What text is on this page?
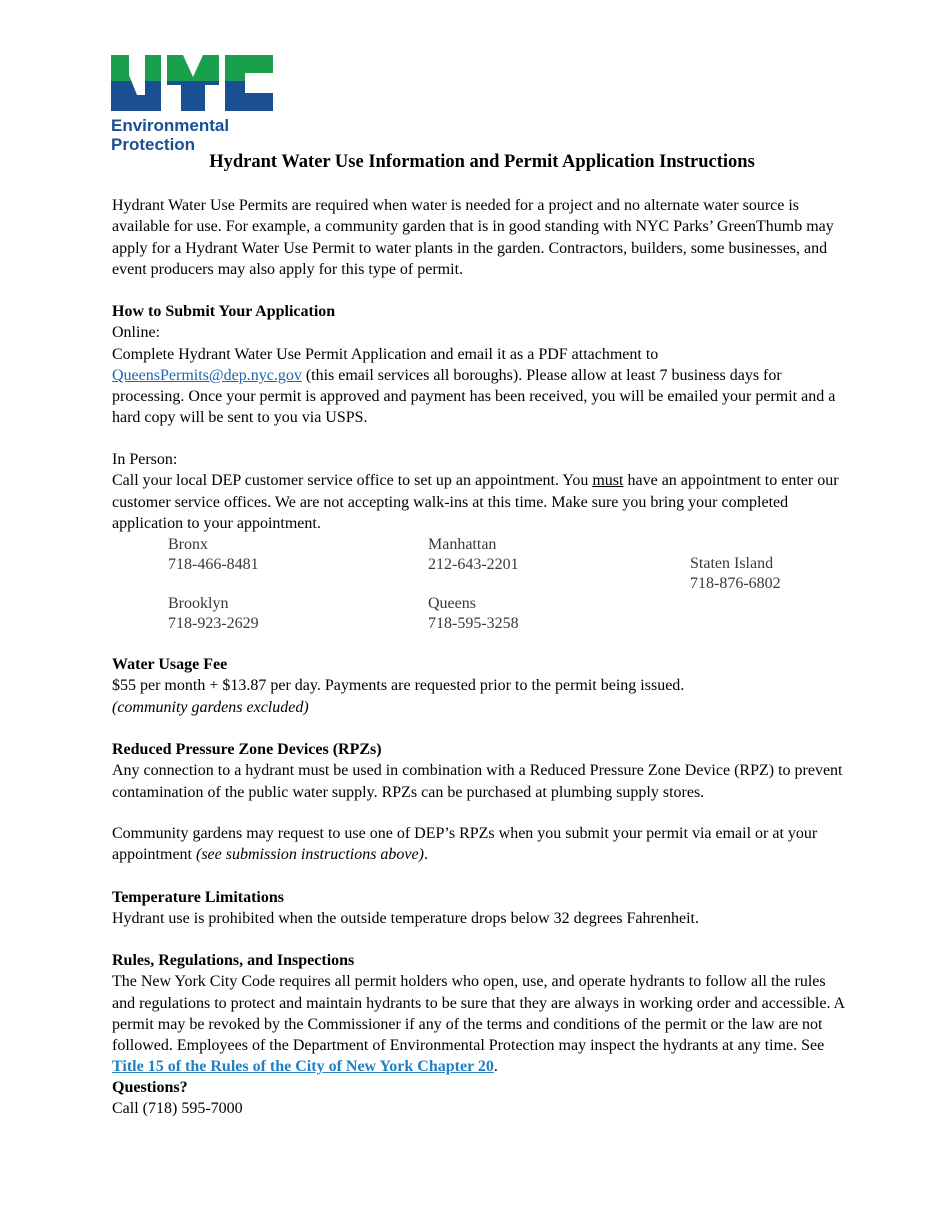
Environmental
Protection
Hydrant Water Use Information and Permit Application Instructions
Hydrant Water Use Permits are required when water is needed for a project and no alternate water source is available for use. For example, a community garden that is in good standing with NYC Parks’ GreenThumb may apply for a Hydrant Water Use Permit to water plants in the garden. Contractors, builders, some businesses, and event producers may also apply for this type of permit.
How to Submit Your Application
Online:
Complete Hydrant Water Use Permit Application and email it as a PDF attachment to
QueensPermits@dep.nyc.gov (this email services all boroughs). Please allow at least 7 business days for processing. Once your permit is approved and payment has been received, you will be emailed your permit and a hard copy will be sent to you via USPS.
In Person:
Call your local DEP customer service office to set up an appointment. You must have an appointment to enter our customer service offices. We are not accepting walk-ins at this time. Make sure you bring your completed application to your appointment.
Bronx
718-466-8481
Manhattan
212-643-2201	Staten Island
718-876-6802
Brooklyn
718-923-2629
Queens
718-595-3258
Water Usage Fee
$55 per month + $13.87 per day. Payments are requested prior to the permit being issued.
(community gardens excluded)
Reduced Pressure Zone Devices (RPZs)
Any connection to a hydrant must be used in combination with a Reduced Pressure Zone Device (RPZ) to prevent contamination of the public water supply. RPZs can be purchased at plumbing supply stores.
Community gardens may request to use one of DEP’s RPZs when you submit your permit via email or at your appointment (see submission instructions above).
Temperature Limitations
Hydrant use is prohibited when the outside temperature drops below 32 degrees Fahrenheit.
Rules, Regulations, and Inspections
The New York City Code requires all permit holders who open, use, and operate hydrants to follow all the rules and regulations to protect and maintain hydrants to be sure that they are always in working order and accessible. A permit may be revoked by the Commissioner if any of the terms and conditions of the permit or the law are not followed. Employees of the Department of Environmental Protection may inspect the hydrants at any time. See Title 15 of the Rules of the City of New York Chapter 20.
Questions?
Call (718) 595-7000
